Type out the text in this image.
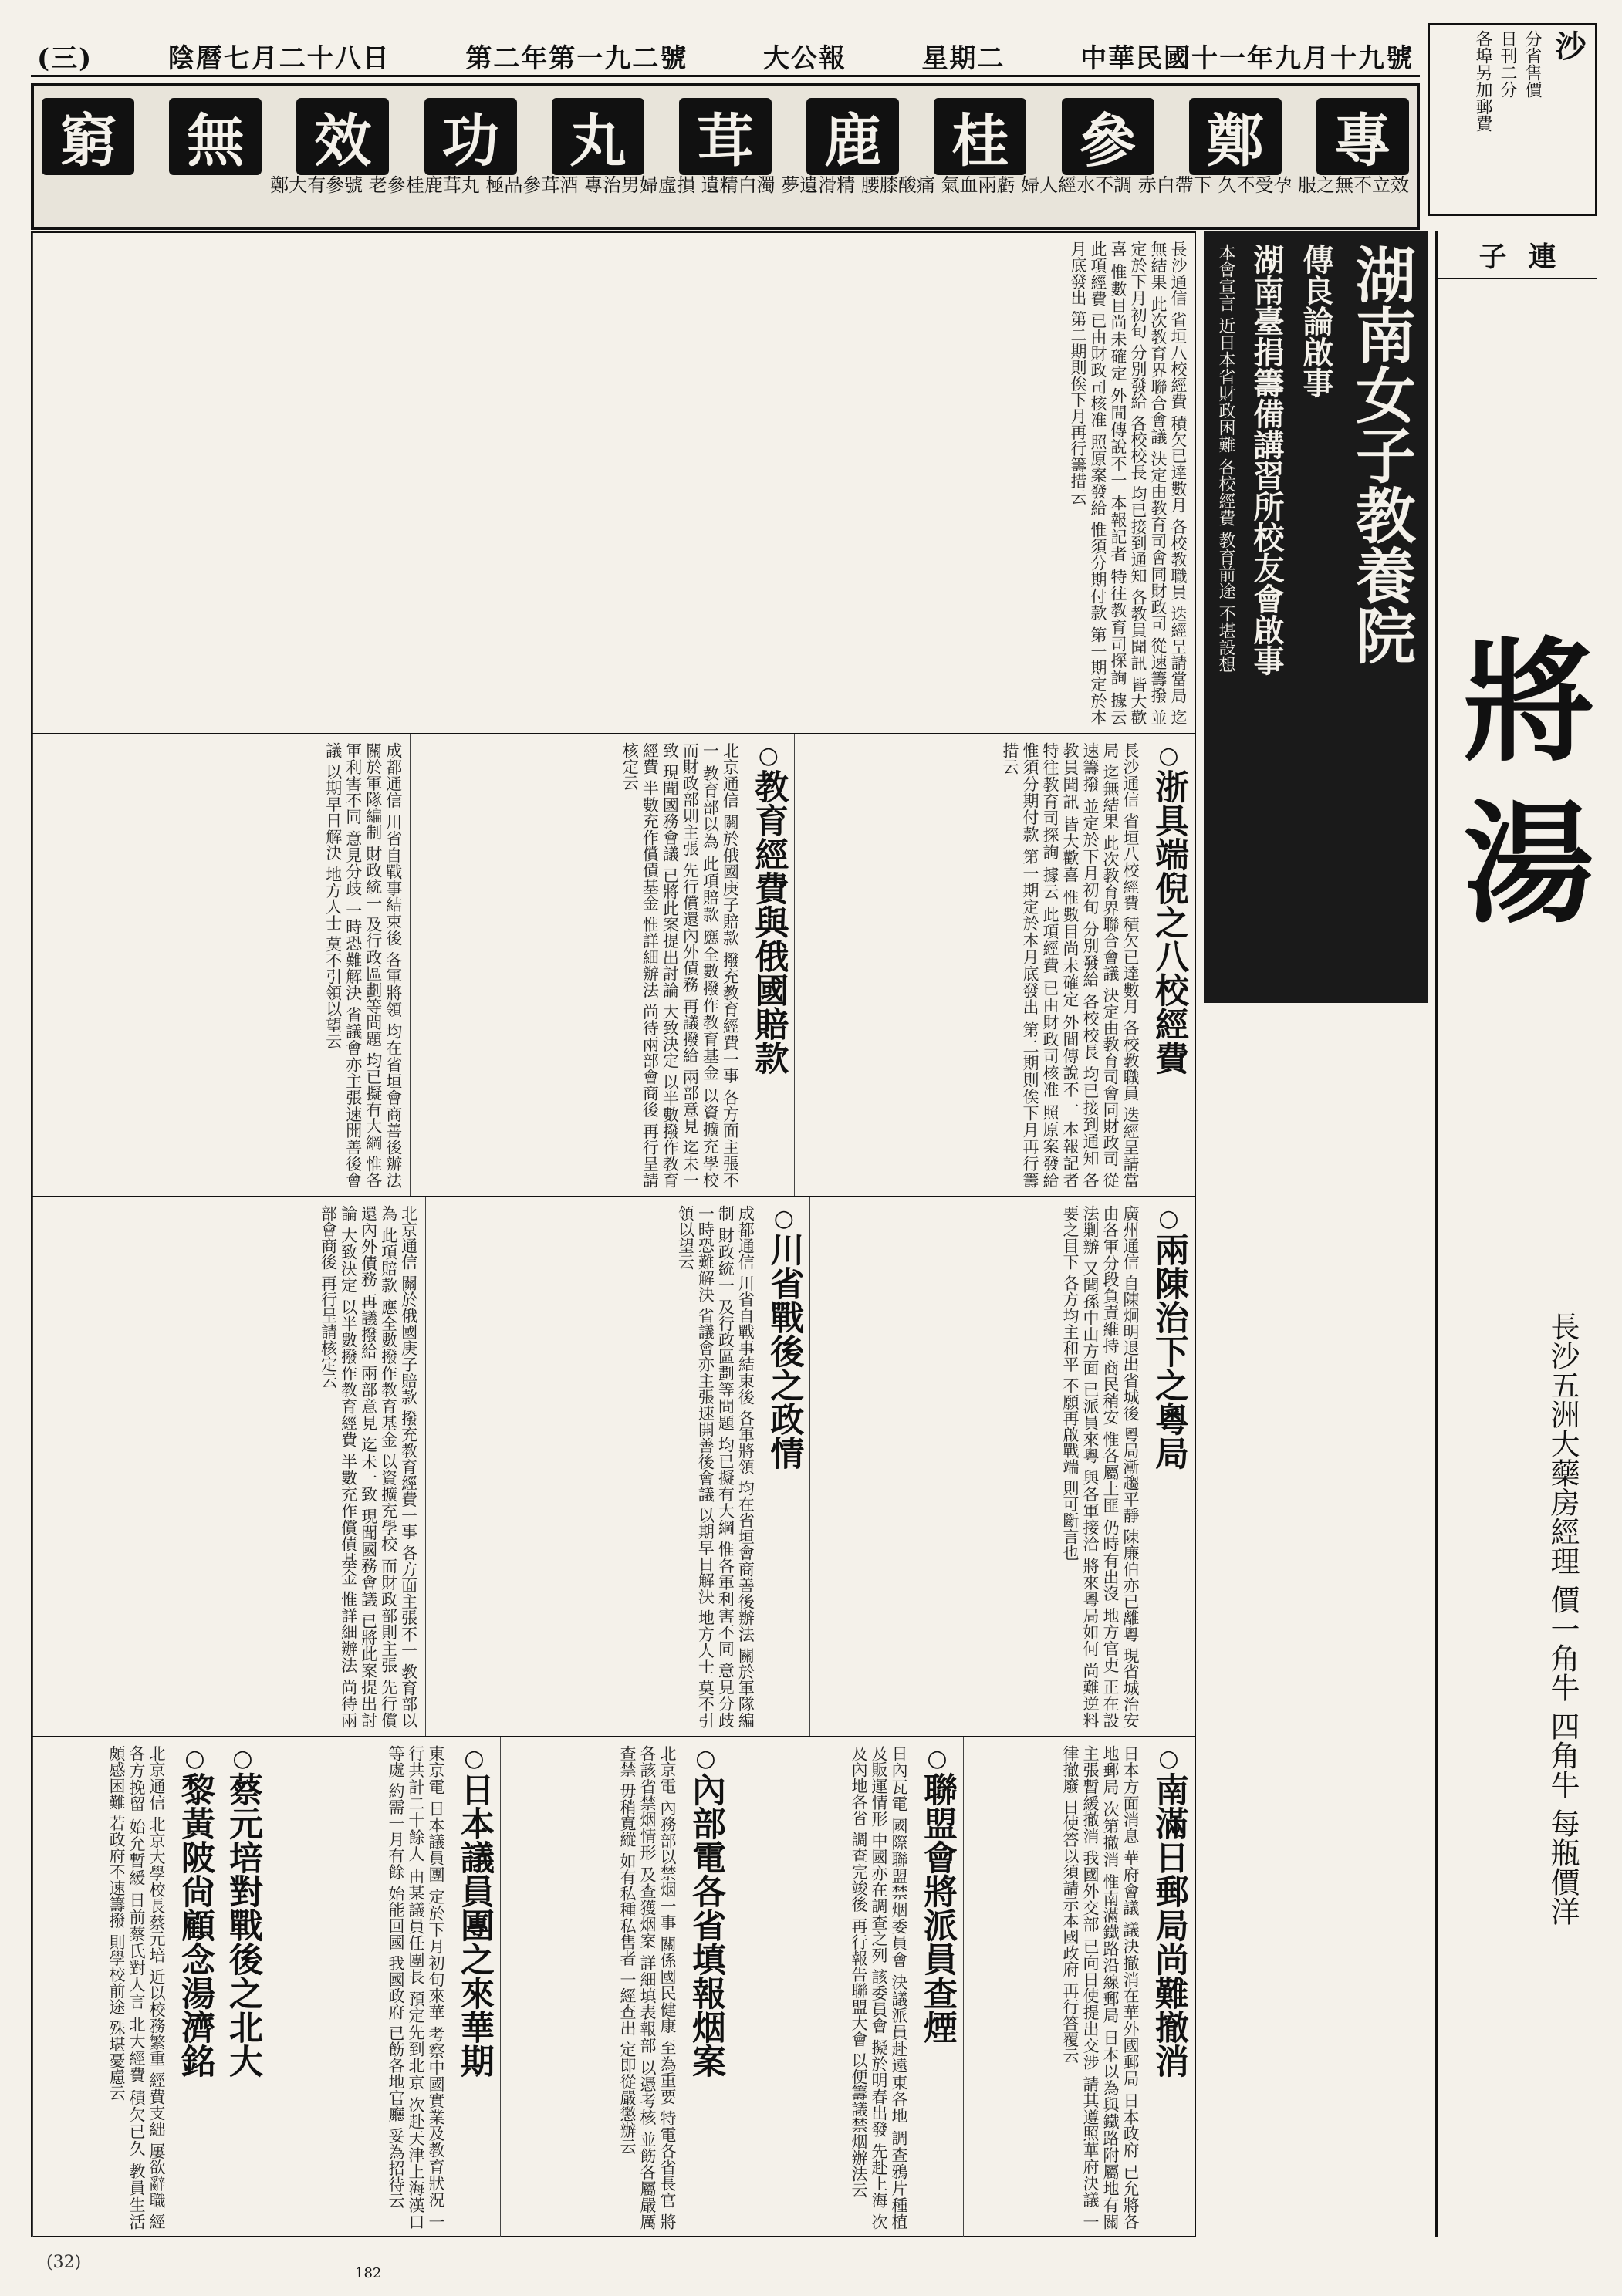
中華民國十一年九月十九號
星期二
大公報
第二年第一九二號
陰曆七月二十八日
(三)	沙
分省售價
日刊二分
各埠另加郵費
專
鄭
參
桂
鹿
茸
丸
功
效
無
窮
鄭大有參號 老參桂鹿茸丸 極品參茸酒 專治男婦虛損 遺精白濁 夢遺滑精 腰膝酸痛 氣血兩虧 婦人經水不調 赤白帶下 久不受孕 服之無不立效
子 連
將湯
長沙五洲大藥房經理 價一角牛 四角牛 每瓶價洋
湖南女子教養院
傳良論啟事
湖南臺捐籌備講習所校友會啟事
本會宣言 近日本省財政困難 各校經費 教育前途 不堪設想
長沙通信 省垣八校經費 積欠已達數月 各校教職員 迭經呈請當局 迄無結果 此次教育界聯合會議 決定由教育司會同財政司 從速籌撥 並定於下月初旬 分別發給 各校校長 均已接到通知 各教員聞訊 皆大歡喜 惟數目尚未確定 外間傳說不一 本報記者 特往教育司探詢 據云 此項經費 已由財政司核准 照原案發給 惟須分期付款 第一期定於本月底發出 第二期則俟下月再行籌措云
○浙具端倪之八校經費
長沙通信 省垣八校經費 積欠已達數月 各校教職員 迭經呈請當局 迄無結果 此次教育界聯合會議 決定由教育司會同財政司 從速籌撥 並定於下月初旬 分別發給 各校校長 均已接到通知 各教員聞訊 皆大歡喜 惟數目尚未確定 外間傳說不一 本報記者 特往教育司探詢 據云 此項經費 已由財政司核准 照原案發給 惟須分期付款 第一期定於本月底發出 第二期則俟下月再行籌措云
○教育經費與俄國賠款
北京通信 關於俄國庚子賠款 撥充教育經費一事 各方面主張不一 教育部以為 此項賠款 應全數撥作教育基金 以資擴充學校 而財政部則主張 先行償還內外債務 再議撥給 兩部意見 迄未一致 現聞國務會議 已將此案提出討論 大致決定 以半數撥作教育經費 半數充作償債基金 惟詳細辦法 尚待兩部會商後 再行呈請核定云
成都通信 川省自戰事結束後 各軍將領 均在省垣會商善後辦法 關於軍隊編制 財政統一 及行政區劃等問題 均已擬有大綱 惟各軍利害不同 意見分歧 一時恐難解決 省議會亦主張速開善後會議 以期早日解決 地方人士 莫不引領以望云
○兩陳治下之粵局
廣州通信 自陳炯明退出省城後 粵局漸趨平靜 陳廉伯亦已離粵 現省城治安 由各軍分段負責維持 商民稍安 惟各屬土匪 仍時有出沒 地方官吏 正在設法剿辦 又聞孫中山方面 已派員來粵 與各軍接洽 將來粵局如何 尚難逆料 要之目下 各方均主和平 不願再啟戰端 則可斷言也
○川省戰後之政情
成都通信 川省自戰事結束後 各軍將領 均在省垣會商善後辦法 關於軍隊編制 財政統一 及行政區劃等問題 均已擬有大綱 惟各軍利害不同 意見分歧 一時恐難解決 省議會亦主張速開善後會議 以期早日解決 地方人士 莫不引領以望云
北京通信 關於俄國庚子賠款 撥充教育經費一事 各方面主張不一 教育部以為 此項賠款 應全數撥作教育基金 以資擴充學校 而財政部則主張 先行償還內外債務 再議撥給 兩部意見 迄未一致 現聞國務會議 已將此案提出討論 大致決定 以半數撥作教育經費 半數充作償債基金 惟詳細辦法 尚待兩部會商後 再行呈請核定云
○南滿日郵局尚難撤消
日本方面消息 華府會議 議決撤消在華外國郵局 日本政府 已允將各地郵局 次第撤消 惟南滿鐵路沿線郵局 日本以為與鐵路附屬地有關 主張暫緩撤消 我國外交部 已向日使提出交涉 請其遵照華府決議 一律撤廢 日使答以須請示本國政府 再行答覆云
○聯盟會將派員查煙
日內瓦電 國際聯盟禁烟委員會 決議派員赴遠東各地 調查鴉片種植及販運情形 中國亦在調查之列 該委員會 擬於明春出發 先赴上海 次及內地各省 調查完竣後 再行報告聯盟大會 以便籌議禁烟辦法云
○內部電各省填報烟案
北京電 內務部以禁烟一事 關係國民健康 至為重要 特電各省長官 將各該省禁烟情形 及查獲烟案 詳細填表報部 以憑考核 並飭各屬嚴厲查禁 毋稍寬縱 如有私種私售者 一經查出 定即從嚴懲辦云
○日本議員團之來華期
東京電 日本議員團 定於下月初旬來華 考察中國實業及教育狀況 一行共計二十餘人 由某議員任團長 預定先到北京 次赴天津上海漢口等處 約需一月有餘 始能回國 我國政府 已飭各地官廳 妥為招待云
○蔡元培對戰後之北大
○黎黃陂尙顧念湯濟銘
北京通信 北京大學校長蔡元培 近以校務繁重 經費支絀 屢欲辭職 經各方挽留 始允暫緩 日前蔡氏對人言 北大經費 積欠已久 教員生活 頗感困難 若政府不速籌撥 則學校前途 殊堪憂慮云
(32)
182
